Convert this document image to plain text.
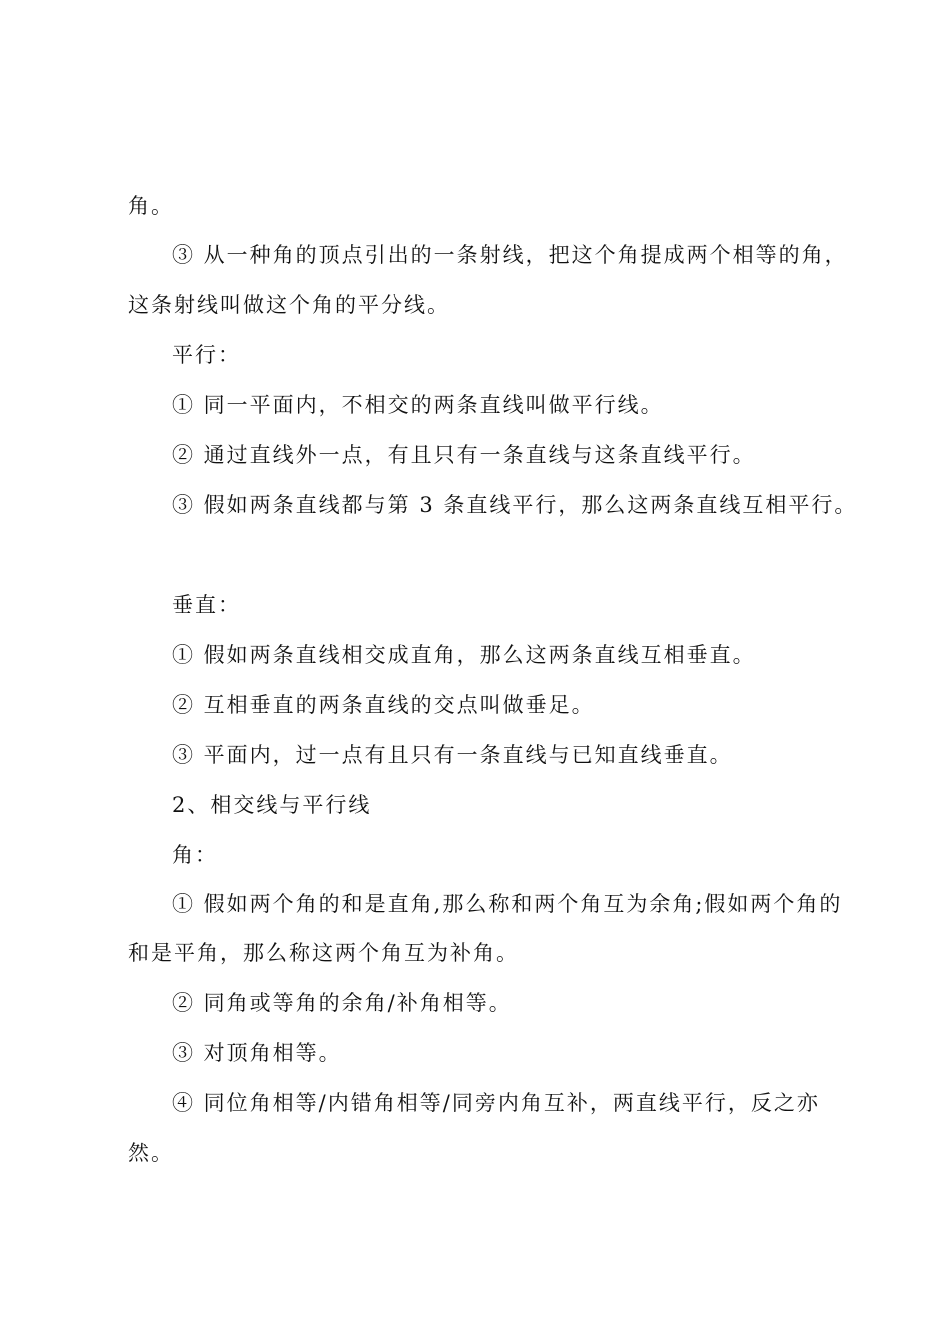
角。
③ 从一种角的顶点引出的一条射线，把这个角提成两个相等的角，
这条射线叫做这个角的平分线。
平行：
① 同一平面内，不相交的两条直线叫做平行线。
② 通过直线外一点，有且只有一条直线与这条直线平行。
③ 假如两条直线都与第 3 条直线平行，那么这两条直线互相平行。
垂直：
① 假如两条直线相交成直角，那么这两条直线互相垂直。
② 互相垂直的两条直线的交点叫做垂足。
③ 平面内，过一点有且只有一条直线与已知直线垂直。
2、相交线与平行线
角：
① 假如两个角的和是直角,那么称和两个角互为余角;假如两个角的
和是平角，那么称这两个角互为补角。
② 同角或等角的余角/补角相等。
③ 对顶角相等。
④ 同位角相等/内错角相等/同旁内角互补，两直线平行，反之亦
然。
